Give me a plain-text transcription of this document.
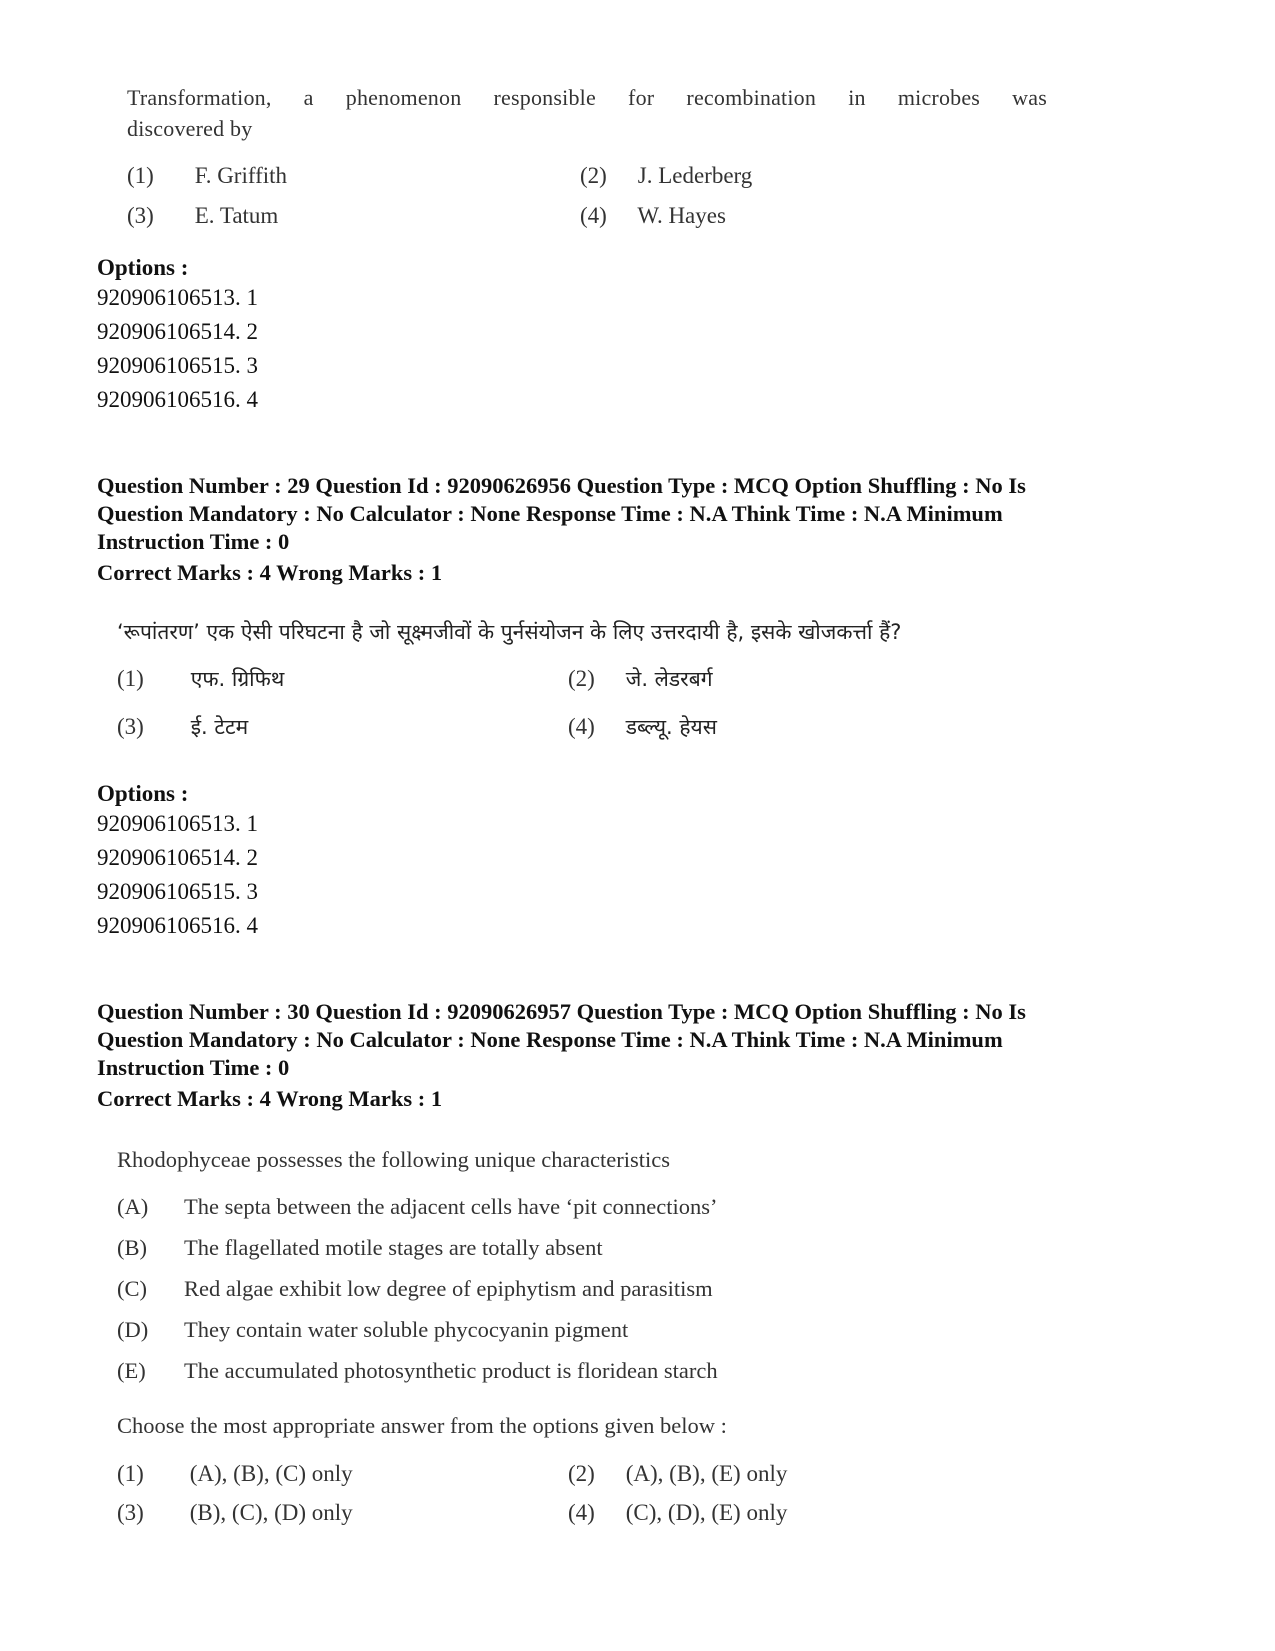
Transformation, a phenomenon responsible for recombination in microbes was
discovered by
(1) F. Griffith	(2) J. Lederberg
(3) E. Tatum	(4) W. Hayes
Options :
920906106513. 1
920906106514. 2
920906106515. 3
920906106516. 4
Question Number : 29 Question Id : 92090626956 Question Type : MCQ Option Shuffling : No Is
Question Mandatory : No Calculator : None Response Time : N.A Think Time : N.A Minimum
Instruction Time : 0
Correct Marks : 4 Wrong Marks : 1
‘रूपांतरण’ एक ऐसी परिघटना है जो सूक्ष्मजीवों के पुर्नसंयोजन के लिए उत्तरदायी है, इसके खोजकर्त्ता हैं?
(1) एफ. ग्रिफिथ	(2) जे. लेडरबर्ग
(3) ई. टेटम	(4) डब्ल्यू. हेयस
Options :
920906106513. 1
920906106514. 2
920906106515. 3
920906106516. 4
Question Number : 30 Question Id : 92090626957 Question Type : MCQ Option Shuffling : No Is
Question Mandatory : No Calculator : None Response Time : N.A Think Time : N.A Minimum
Instruction Time : 0
Correct Marks : 4 Wrong Marks : 1
Rhodophyceae possesses the following unique characteristics
(A)	The septa between the adjacent cells have ‘pit connections’
(B)	The flagellated motile stages are totally absent
(C)	Red algae exhibit low degree of epiphytism and parasitism
(D)	They contain water soluble phycocyanin pigment
(E)	The accumulated photosynthetic product is floridean starch
Choose the most appropriate answer from the options given below :
(1) (A), (B), (C) only	(2) (A), (B), (E) only
(3) (B), (C), (D) only	(4) (C), (D), (E) only
